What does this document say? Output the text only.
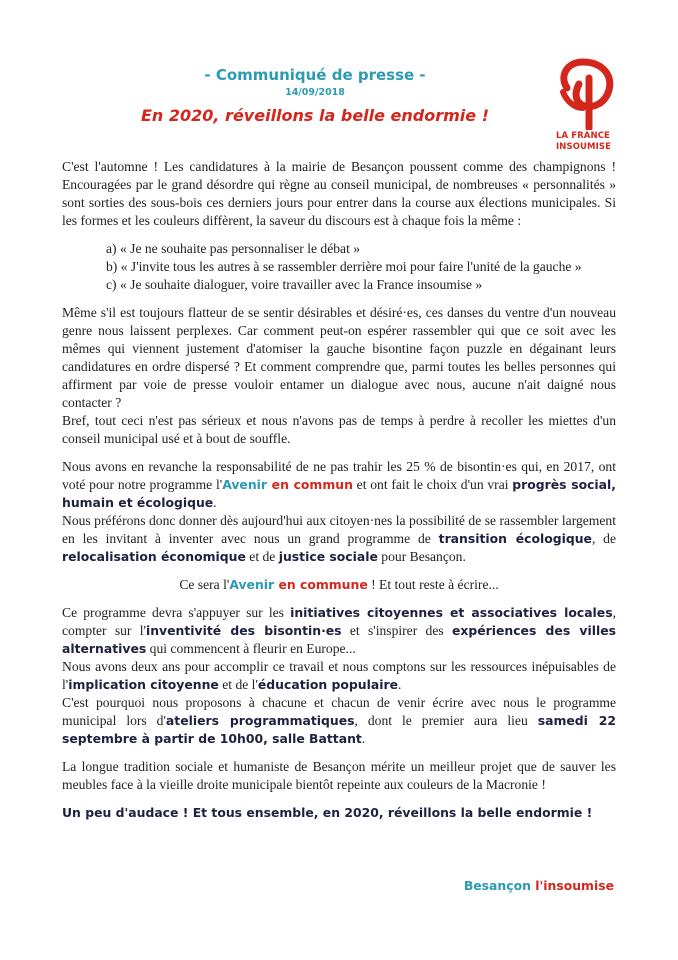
- Communiqué de presse -
14/09/2018
En 2020, réveillons la belle endormie !
LA FRANCE
INSOUMISE

C'est l'automne ! Les candidatures à la mairie de Besançon poussent comme des champignons ! Encouragées par le grand désordre qui règne au conseil municipal, de nombreuses « personnalités » sont sorties des sous-bois ces derniers jours pour entrer dans la course aux élections municipales. Si les formes et les couleurs diffèrent, la saveur du discours est à chaque fois la même :

a) « Je ne souhaite pas personnaliser le débat »
b) « J'invite tous les autres à se rassembler derrière moi pour faire l'unité de la gauche »
c) « Je souhaite dialoguer, voire travailler avec la France insoumise »

Même s'il est toujours flatteur de se sentir désirables et désiré·es, ces danses du ventre d'un nouveau genre nous laissent perplexes. Car comment peut-on espérer rassembler qui que ce soit avec les mêmes qui viennent justement d'atomiser la gauche bisontine façon puzzle en dégainant leurs candidatures en ordre dispersé ? Et comment comprendre que, parmi toutes les belles personnes qui affirment par voie de presse vouloir entamer un dialogue avec nous, aucune n'ait daigné nous contacter ?

Bref, tout ceci n'est pas sérieux et nous n'avons pas de temps à perdre à recoller les miettes d'un conseil municipal usé et à bout de souffle.

Nous avons en revanche la responsabilité de ne pas trahir les 25 % de bisontin·es qui, en 2017, ont voté pour notre programme l'Avenir en commun et ont fait le choix d'un vrai progrès social, humain et écologique.

Nous préférons donc donner dès aujourd'hui aux citoyen·nes la possibilité de se rassembler largement en les invitant à inventer avec nous un grand programme de transition écologique, de relocalisation économique et de justice sociale pour Besançon.

Ce sera l'Avenir en commune ! Et tout reste à écrire...

Ce programme devra s'appuyer sur les initiatives citoyennes et associatives locales, compter sur l'inventivité des bisontin·es et s'inspirer des expériences des villes alternatives qui commencent à fleurir en Europe...

Nous avons deux ans pour accomplir ce travail et nous comptons sur les ressources inépuisables de l'implication citoyenne et de l'éducation populaire.

C'est pourquoi nous proposons à chacune et chacun de venir écrire avec nous le programme municipal lors d'ateliers programmatiques, dont le premier aura lieu samedi 22 septembre à partir de 10h00, salle Battant.

La longue tradition sociale et humaniste de Besançon mérite un meilleur projet que de sauver les meubles face à la vieille droite municipale bientôt repeinte aux couleurs de la Macronie !

Un peu d'audace ! Et tous ensemble, en 2020, réveillons la belle endormie !

Besançon l'insoumise
